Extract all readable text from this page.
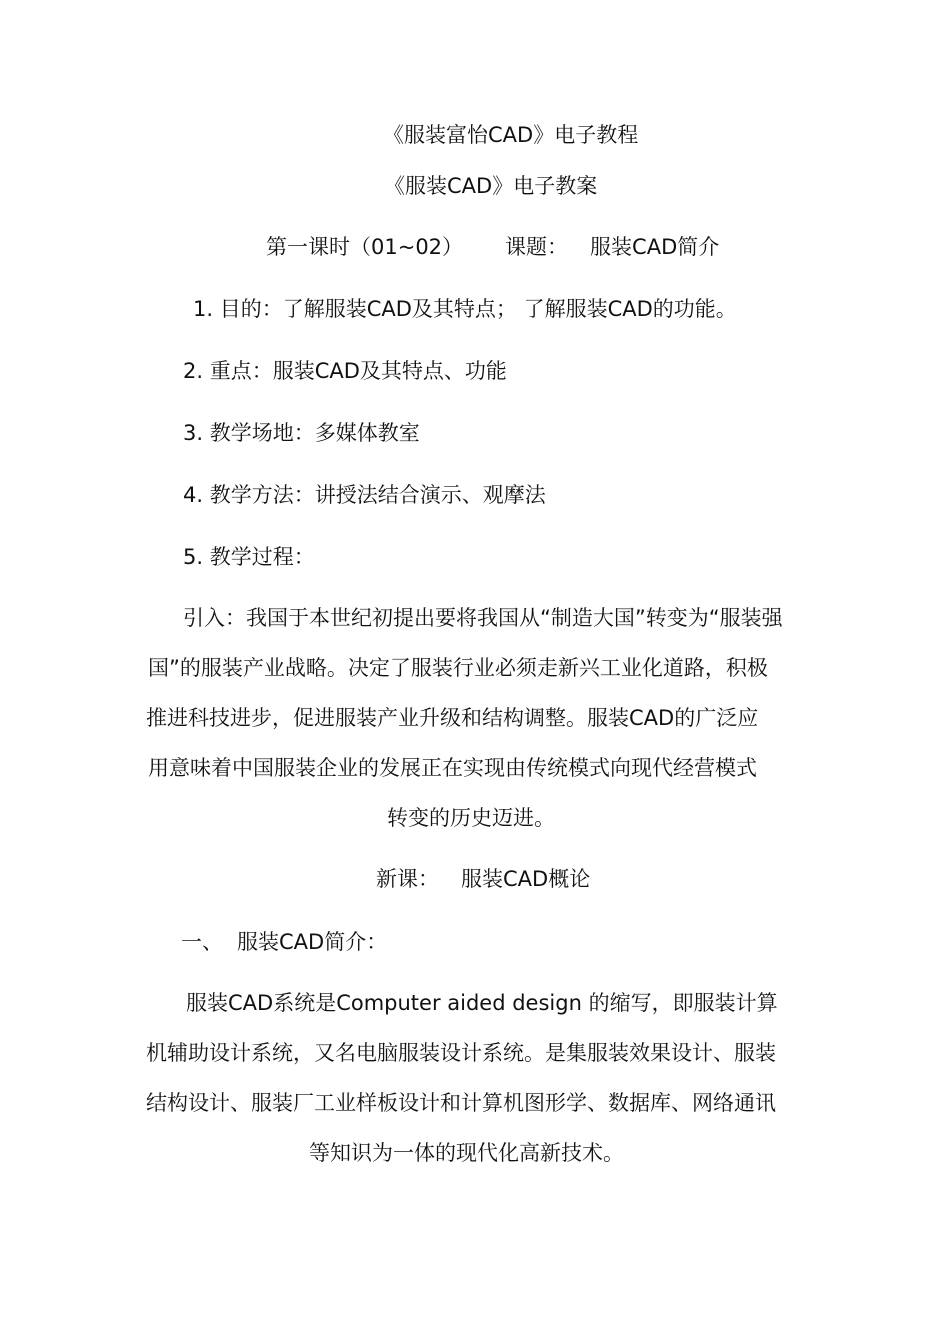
《服装富怡CAD》电子教程
《服装CAD》电子教案
第一课时（01~02） 课题： 服装CAD简介
1. 目的：了解服装CAD及其特点； 了解服装CAD的功能。
2. 重点：服装CAD及其特点、功能
3. 教学场地：多媒体教室
4. 教学方法：讲授法结合演示、观摩法
5. 教学过程：
引入：我国于本世纪初提出要将我国从“制造大国”转变为“服装强
国”的服装产业战略。决定了服装行业必须走新兴工业化道路，积极
推进科技进步，促进服装产业升级和结构调整。服装CAD的广泛应
用意味着中国服装企业的发展正在实现由传统模式向现代经营模式
转变的历史迈进。
新课： 服装CAD概论
一、 服装CAD简介：
服装CAD系统是Computer aided design 的缩写，即服装计算
机辅助设计系统，又名电脑服装设计系统。是集服装效果设计、服装
结构设计、服装厂工业样板设计和计算机图形学、数据库、网络通讯
等知识为一体的现代化高新技术。
